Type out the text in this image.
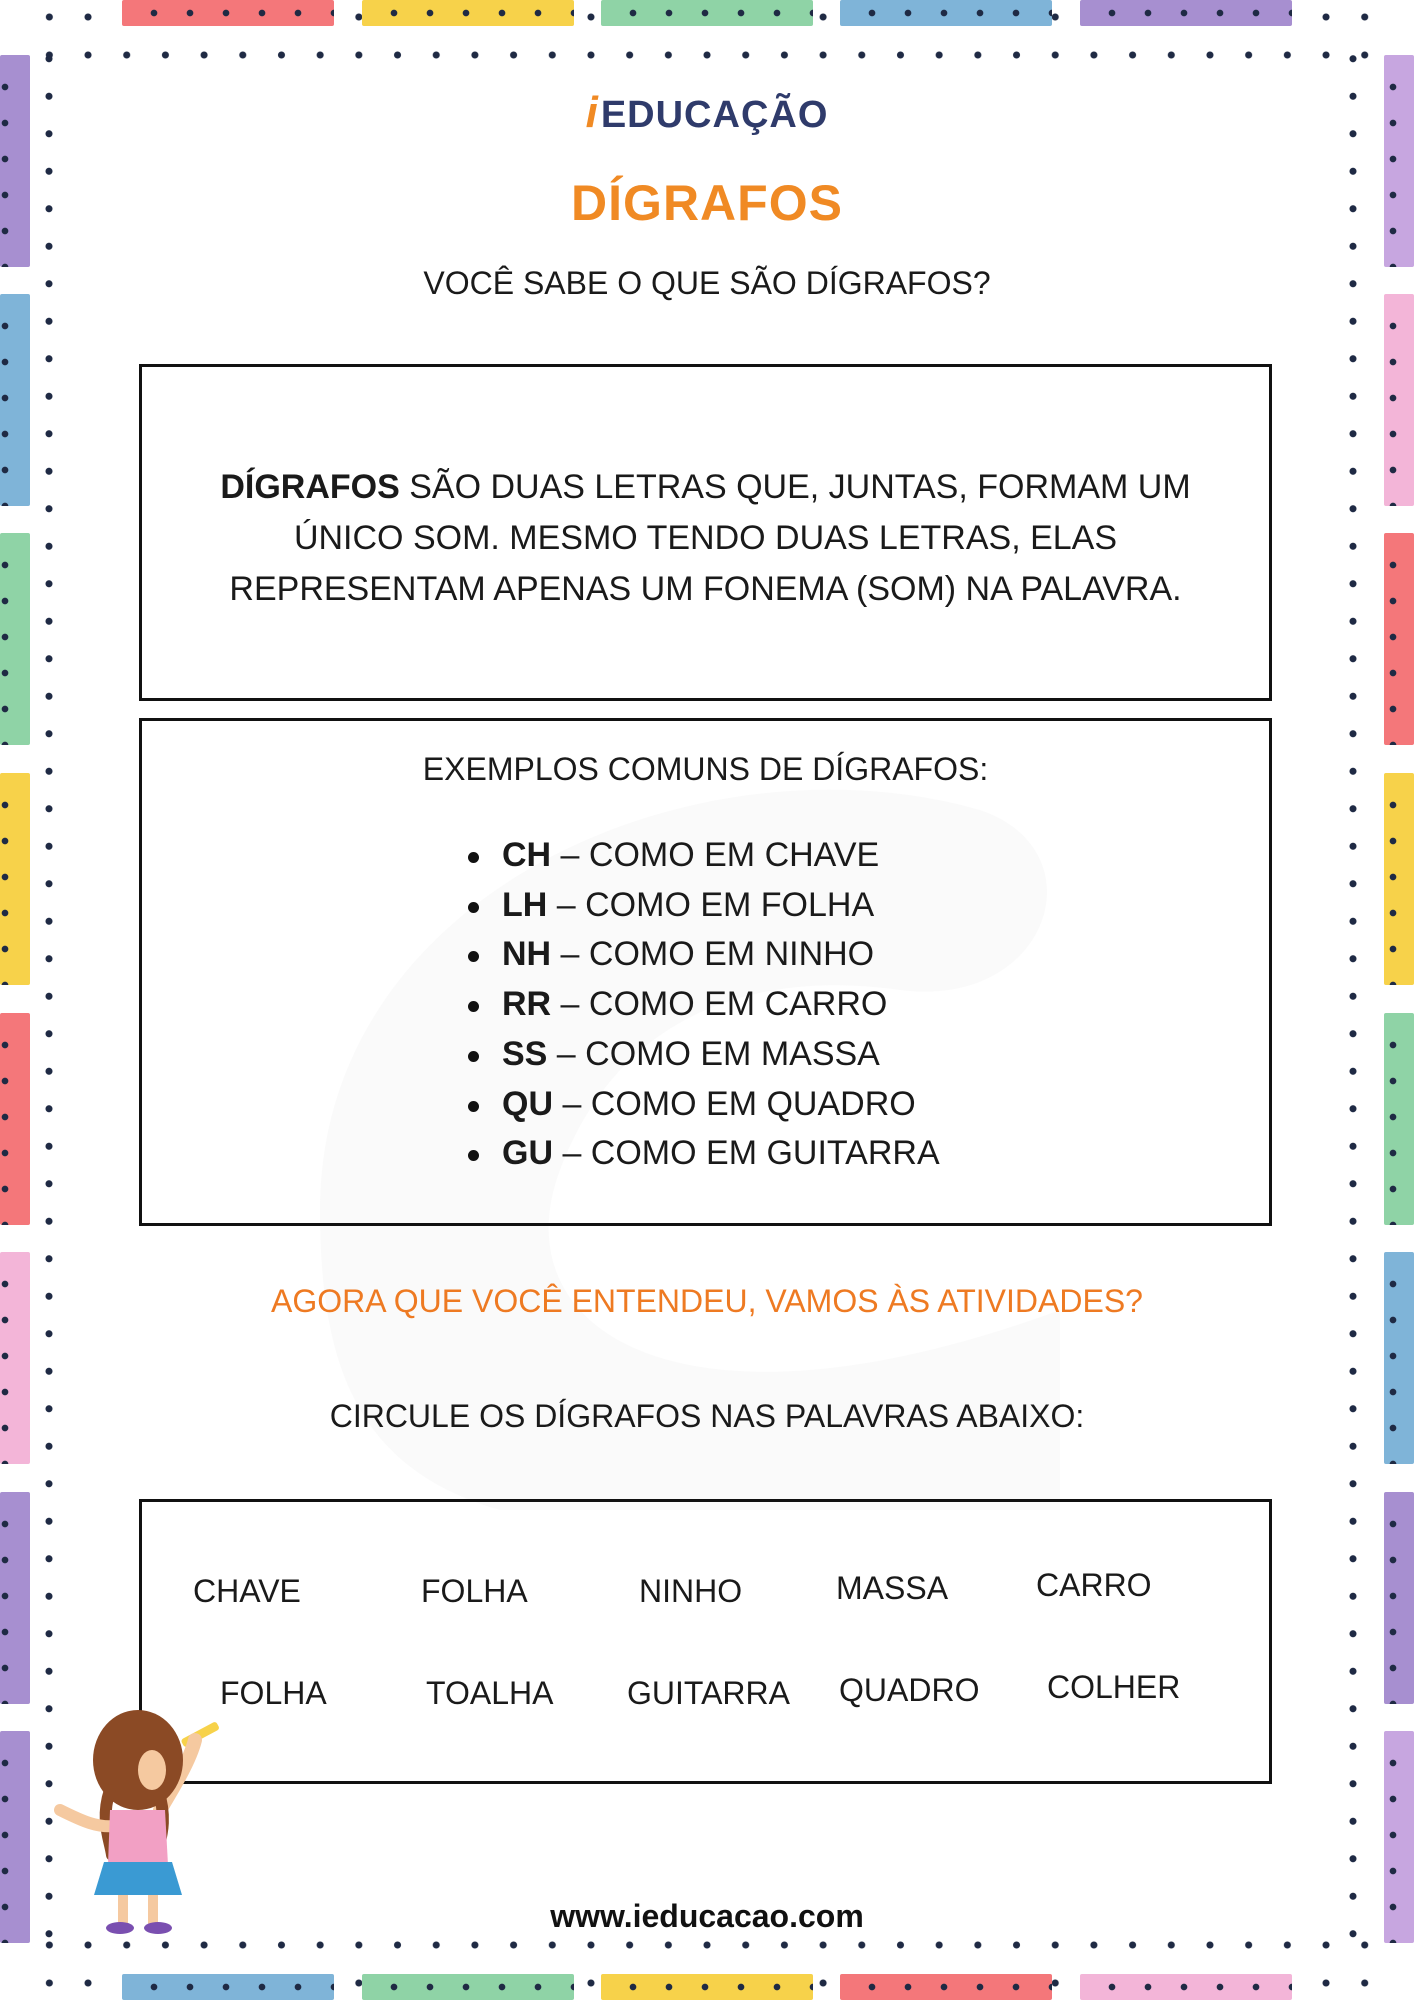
iEDUCAÇÃO
DÍGRAFOS
VOCÊ SABE O QUE SÃO DÍGRAFOS?
DÍGRAFOS SÃO DUAS LETRAS QUE, JUNTAS, FORMAM UM ÚNICO SOM. MESMO TENDO DUAS LETRAS, ELAS REPRESENTAM APENAS UM FONEMA (SOM) NA PALAVRA.
EXEMPLOS COMUNS DE DÍGRAFOS:
CH – COMO EM CHAVE
LH – COMO EM FOLHA
NH – COMO EM NINHO
RR – COMO EM CARRO
SS – COMO EM MASSA
QU – COMO EM QUADRO
GU – COMO EM GUITARRA
AGORA QUE VOCÊ ENTENDEU, VAMOS ÀS ATIVIDADES?
CIRCULE OS DÍGRAFOS NAS PALAVRAS ABAIXO:
CHAVE	FOLHA	NINHO	MASSA	CARRO
FOLHA	TOALHA GUITARRA QUADRO COLHER
www.ieducacao.com
